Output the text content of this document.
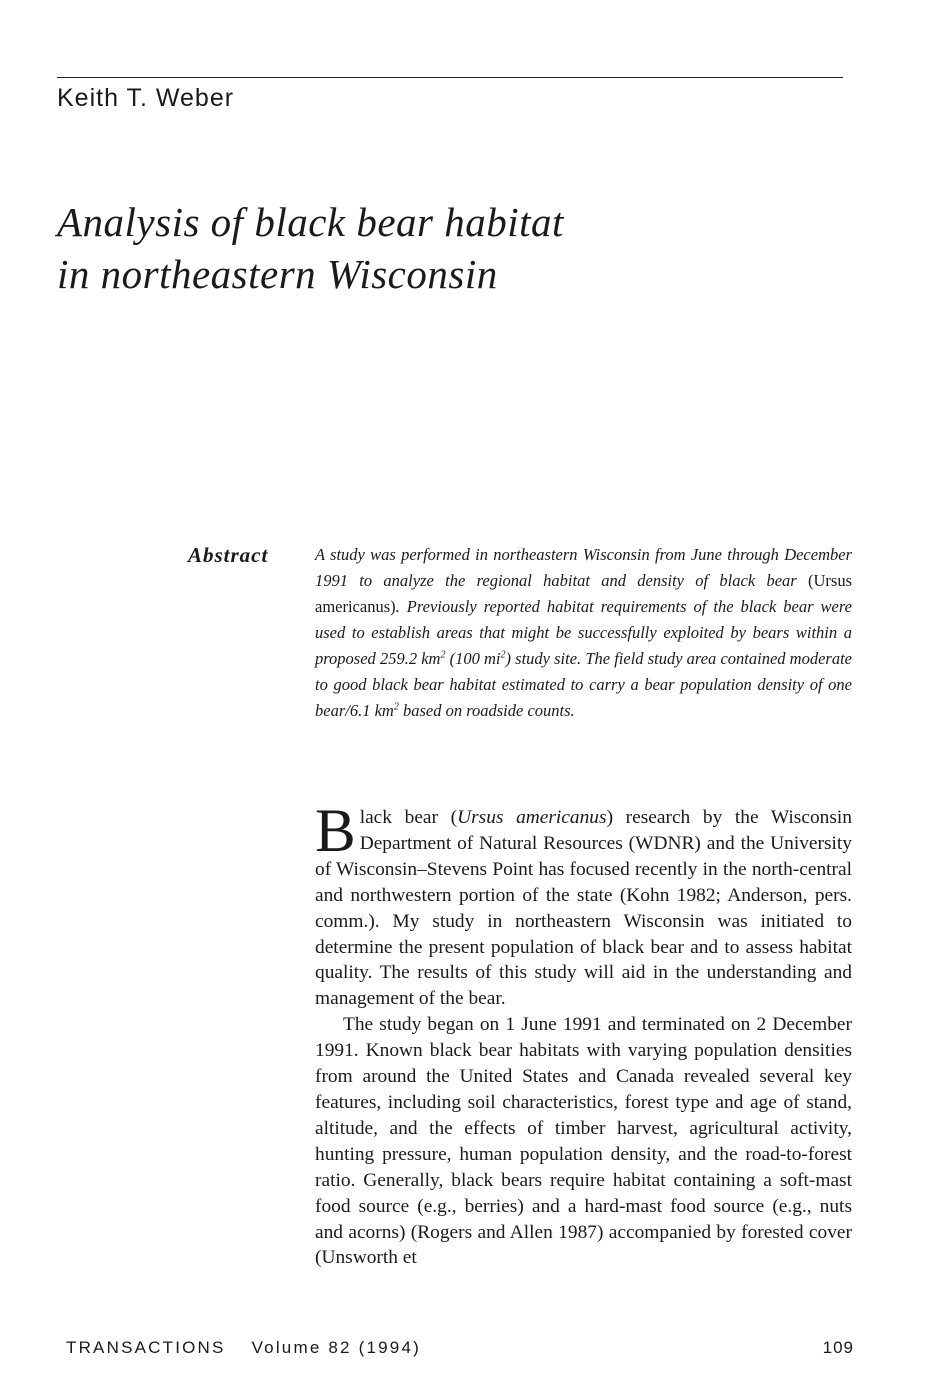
Keith T. Weber
Analysis of black bear habitat
in northeastern Wisconsin
Abstract	A study was performed in northeastern Wisconsin from June through December 1991 to analyze the regional habitat and density of black bear (Ursus americanus). Previously reported habitat requirements of the black bear were used to establish areas that might be successfully exploited by bears within a proposed 259.2 $km^2$ (100 $mi^2$) study site. The field study area contained moderate to good black bear habitat estimated to carry a bear population density of one bear/6.1 $km^2$ based on roadside counts.

Black bear (Ursus americanus) research by the Wisconsin Department of Natural Resources (WDNR) and the University of Wisconsin–Stevens Point has focused recently in the north-central and northwestern portion of the state (Kohn 1982; Anderson, pers. comm.). My study in northeastern Wisconsin was initiated to determine the present population of black bear and to assess habitat quality. The results of this study will aid in the understanding and management of the bear.

The study began on 1 June 1991 and terminated on 2 December 1991. Known black bear habitats with varying population densities from around the United States and Canada revealed several key features, including soil characteristics, forest type and age of stand, altitude, and the effects of timber harvest, agricultural activity, hunting pressure, human population density, and the road-to-forest ratio. Generally, black bears require habitat containing a soft-mast food source (e.g., berries) and a hard-mast food source (e.g., nuts and acorns) (Rogers and Allen 1987) accompanied by forested cover (Unsworth et

TRANSACTIONS Volume 82 (1994)	109
